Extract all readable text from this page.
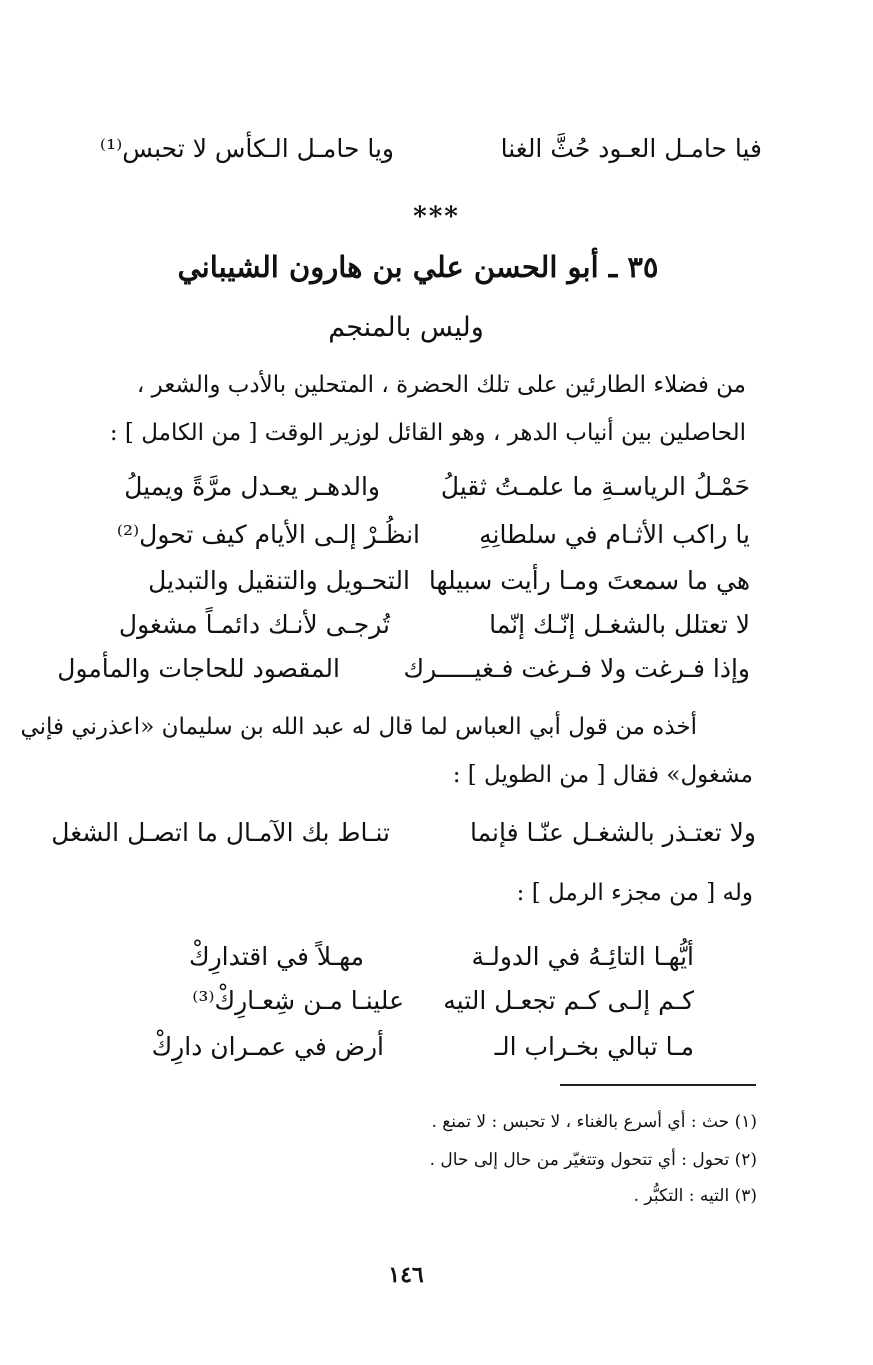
فيا حامـل العـود حُثَّ الغنا
ويا حامـل الـكأس لا تحبس⁽¹⁾
***
٣٥ ـ أبو الحسن علي بن هارون الشيباني
وليس بالمنجم
من فضلاء الطارئين على تلك الحضرة ، المتحلين بالأدب والشعر ،
الحاصلين بين أنياب الدهر ، وهو القائل لوزير الوقت [ من الكامل ] :
حَمْـلُ الرياسـةِ ما علمـتُ ثقيلُ
والدهـر يعـدل مرَّةً ويميلُ
يا راكب الأثـام في سلطانِهِ
انظُـرْ إلـى الأيام كيف تحول⁽²⁾
هي ما سمعتَ ومـا رأيت سبيلها
التحـويل والتنقيل والتبديل
لا تعتلل بالشغـل إنّـك إنّما
تُرجـى لأنـك دائمـاً مشغول
وإذا فـرغت ولا فـرغت فـغيـــــرك
المقصود للحاجات والمأمول
أخذه من قول أبي العباس لما قال له عبد الله بن سليمان «اعذرني فإني
مشغول» فقال [ من الطويل ] :
ولا تعتـذر بالشغـل عنّـا فإنما
تنـاط بك الآمـال ما اتصـل الشغل
وله [ من مجزء الرمل ] :
أيُّهـا التائِـهُ في الدولـة
مهـلاً في اقتدارِكْ
كـم إلـى كـم تجعـل التيه
علينـا مـن شِعـارِكْ⁽³⁾
مـا تبالي بخـراب الـ
أرض في عمـران دارِكْ
(١) حث : أي أسرع بالغناء ، لا تحبس : لا تمنع .
(٢) تحول : أي تتحول وتتغيّر من حال إلى حال .
(٣) التيه : التكبُّر .
١٤٦
